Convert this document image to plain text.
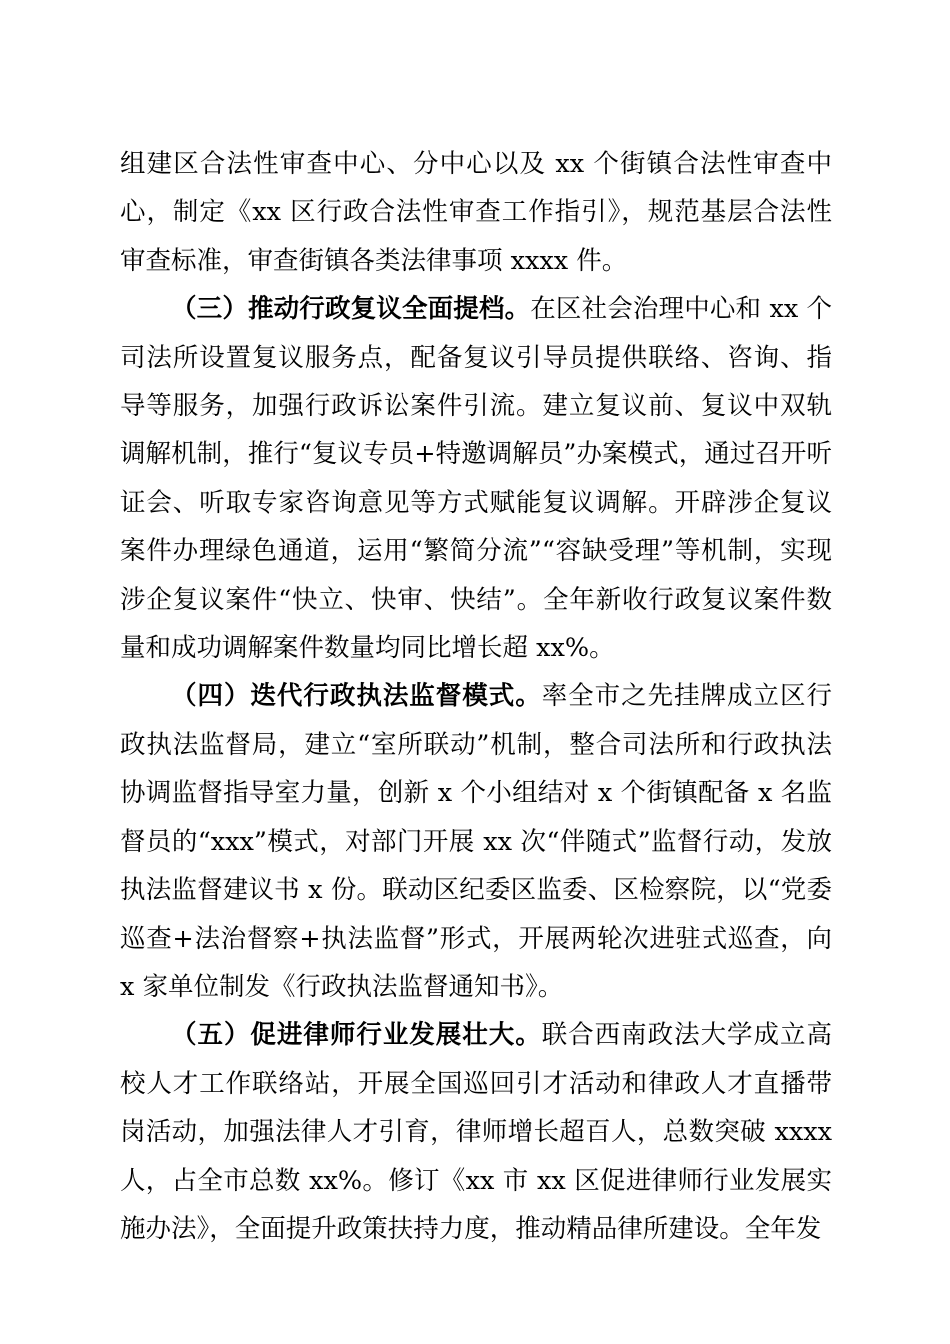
组建区合法性审查中心、分中心以及 xx 个街镇合法性审查中心，制定《xx 区行政合法性审查工作指引》，规范基层合法性审查标准，审查街镇各类法律事项 xxxx 件。

（三）推动行政复议全面提档。在区社会治理中心和 xx 个司法所设置复议服务点，配备复议引导员提供联络、咨询、指导等服务，加强行政诉讼案件引流。建立复议前、复议中双轨调解机制，推行“复议专员+特邀调解员”办案模式，通过召开听证会、听取专家咨询意见等方式赋能复议调解。开辟涉企复议案件办理绿色通道，运用“繁简分流”“容缺受理”等机制，实现涉企复议案件“快立、快审、快结”。全年新收行政复议案件数量和成功调解案件数量均同比增长超 xx%。

（四）迭代行政执法监督模式。率全市之先挂牌成立区行政执法监督局，建立“室所联动”机制，整合司法所和行政执法协调监督指导室力量，创新 x 个小组结对 x 个街镇配备 x 名监督员的“xxx”模式，对部门开展 xx 次“伴随式”监督行动，发放执法监督建议书 x 份。联动区纪委区监委、区检察院，以“党委巡查+法治督察+执法监督”形式，开展两轮次进驻式巡查，向 x 家单位制发《行政执法监督通知书》。

（五）促进律师行业发展壮大。联合西南政法大学成立高校人才工作联络站，开展全国巡回引才活动和律政人才直播带岗活动，加强法律人才引育，律师增长超百人，总数突破 xxxx 人，占全市总数 xx%。修订《xx 市 xx 区促进律师行业发展实施办法》，全面提升政策扶持力度，推动精品律所建设。全年发
